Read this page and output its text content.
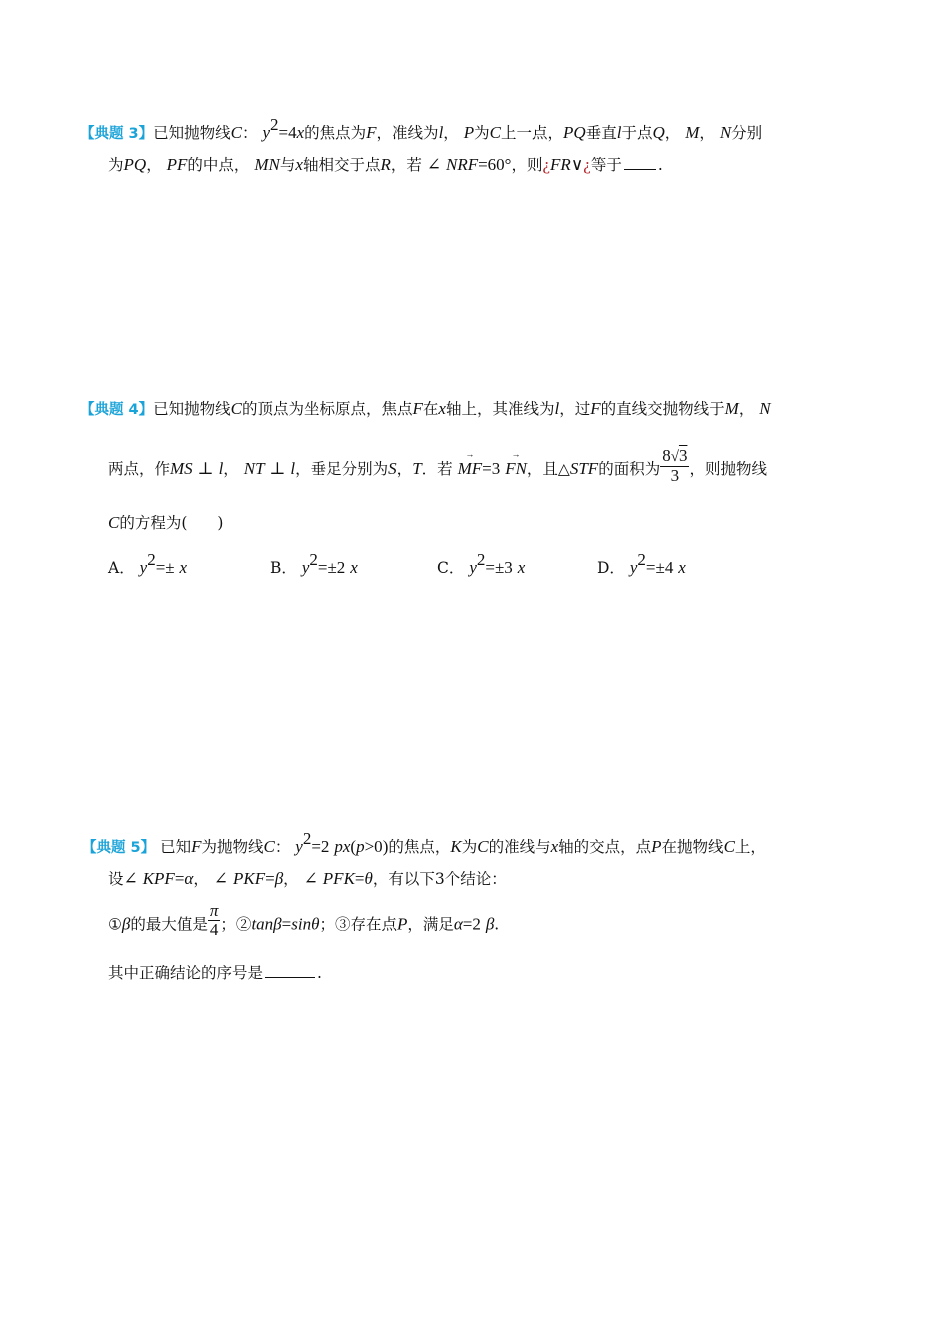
【典题 3】已知抛物线C： $y^2=4x$的焦点为F，准线为l， P为C上一点，PQ垂直l于点Q， M， N分别
为PQ， PF的中点， MN与x轴相交于点R，若 ∠ NRF=60°，则¿FR∨¿等于 .
【典题 4】已知抛物线C的顶点为坐标原点，焦点F在x轴上，其准线为l，过F的直线交抛物线于M， N
两点，作MS ⊥ l， NT ⊥ l，垂足分别为S，T．若 → MF=3 → FN，且△STF的面积为 $\frac{8√3}{3}$ ，则抛物线
C的方程为( )
A． $y^2=\pm x$	B． $y^2=\pm 2$ x	C． $y^2=\pm 3$ x	D． $y^2=\pm 4$ x
【典题 5】 已知F为抛物线C： $y^2=2$ px(p>0)的焦点，K为C的准线与x轴的交点，点P在抛物线C上，
设∠ KPF=α， ∠ PKF=β， ∠ PFK=θ，有以下3个结论：
①β的最大值是 $\frac{\pi}{4}$ ；②tanβ=sinθ；③存在点P，满足α=2 β.
其中正确结论的序号是	.
